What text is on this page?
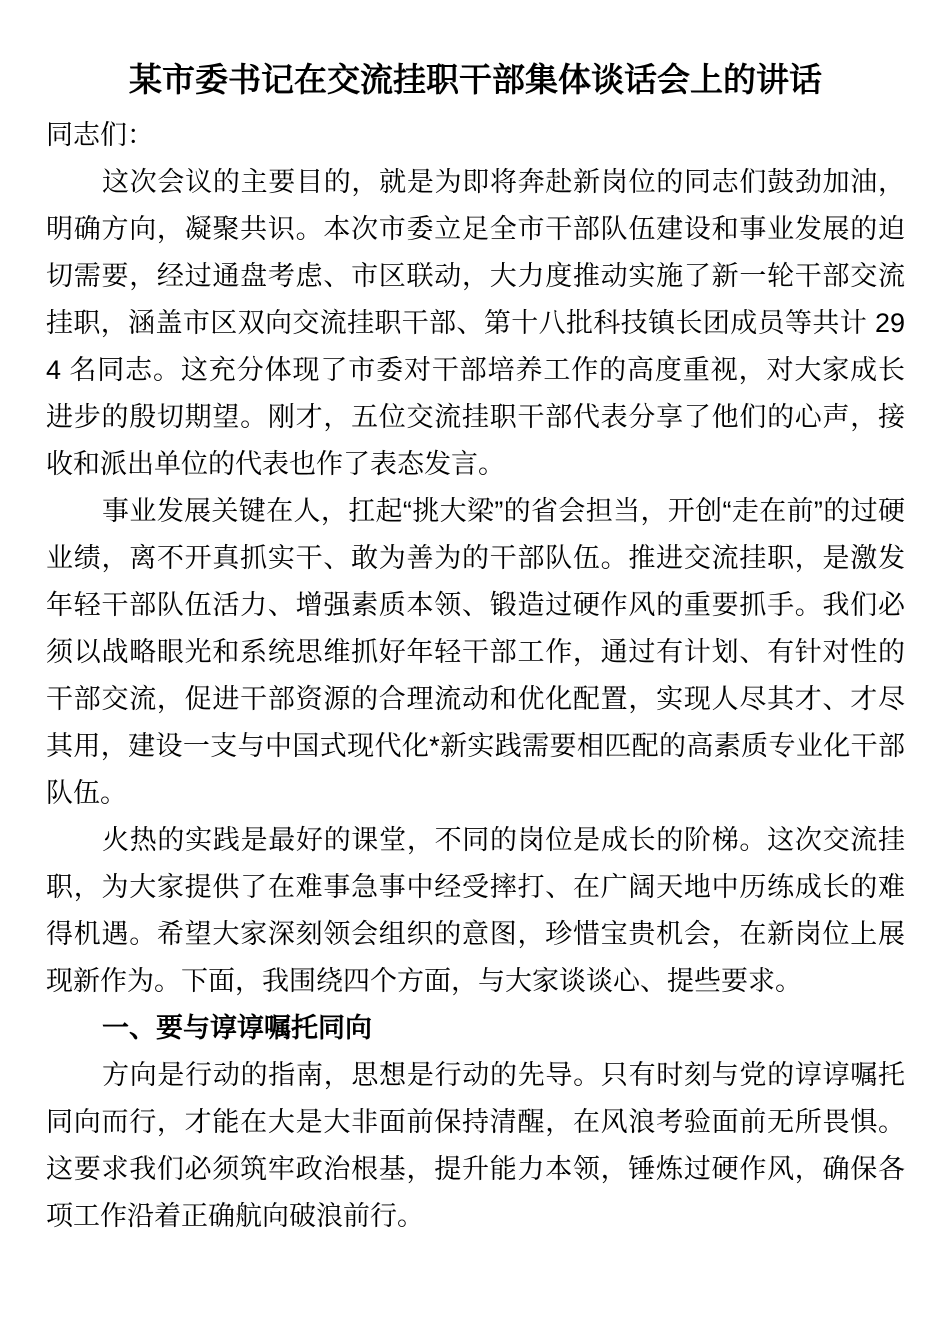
某市委书记在交流挂职干部集体谈话会上的讲话

同志们：

这次会议的主要目的，就是为即将奔赴新岗位的同志们鼓劲加油，明确方向，凝聚共识。本次市委立足全市干部队伍建设和事业发展的迫切需要，经过通盘考虑、市区联动，大力度推动实施了新一轮干部交流挂职，涵盖市区双向交流挂职干部、第十八批科技镇长团成员等共计 294 名同志。这充分体现了市委对干部培养工作的高度重视，对大家成长进步的殷切期望。刚才，五位交流挂职干部代表分享了他们的心声，接收和派出单位的代表也作了表态发言。

事业发展关键在人，扛起“挑大梁”的省会担当，开创“走在前”的过硬业绩，离不开真抓实干、敢为善为的干部队伍。推进交流挂职，是激发年轻干部队伍活力、增强素质本领、锻造过硬作风的重要抓手。我们必须以战略眼光和系统思维抓好年轻干部工作，通过有计划、有针对性的干部交流，促进干部资源的合理流动和优化配置，实现人尽其才、才尽其用，建设一支与中国式现代化*新实践需要相匹配的高素质专业化干部队伍。

火热的实践是最好的课堂，不同的岗位是成长的阶梯。这次交流挂职，为大家提供了在难事急事中经受摔打、在广阔天地中历练成长的难得机遇。希望大家深刻领会组织的意图，珍惜宝贵机会，在新岗位上展现新作为。下面，我围绕四个方面，与大家谈谈心、提些要求。

一、要与谆谆嘱托同向

方向是行动的指南，思想是行动的先导。只有时刻与党的谆谆嘱托同向而行，才能在大是大非面前保持清醒，在风浪考验面前无所畏惧。这要求我们必须筑牢政治根基，提升能力本领，锤炼过硬作风，确保各项工作沿着正确航向破浪前行。
